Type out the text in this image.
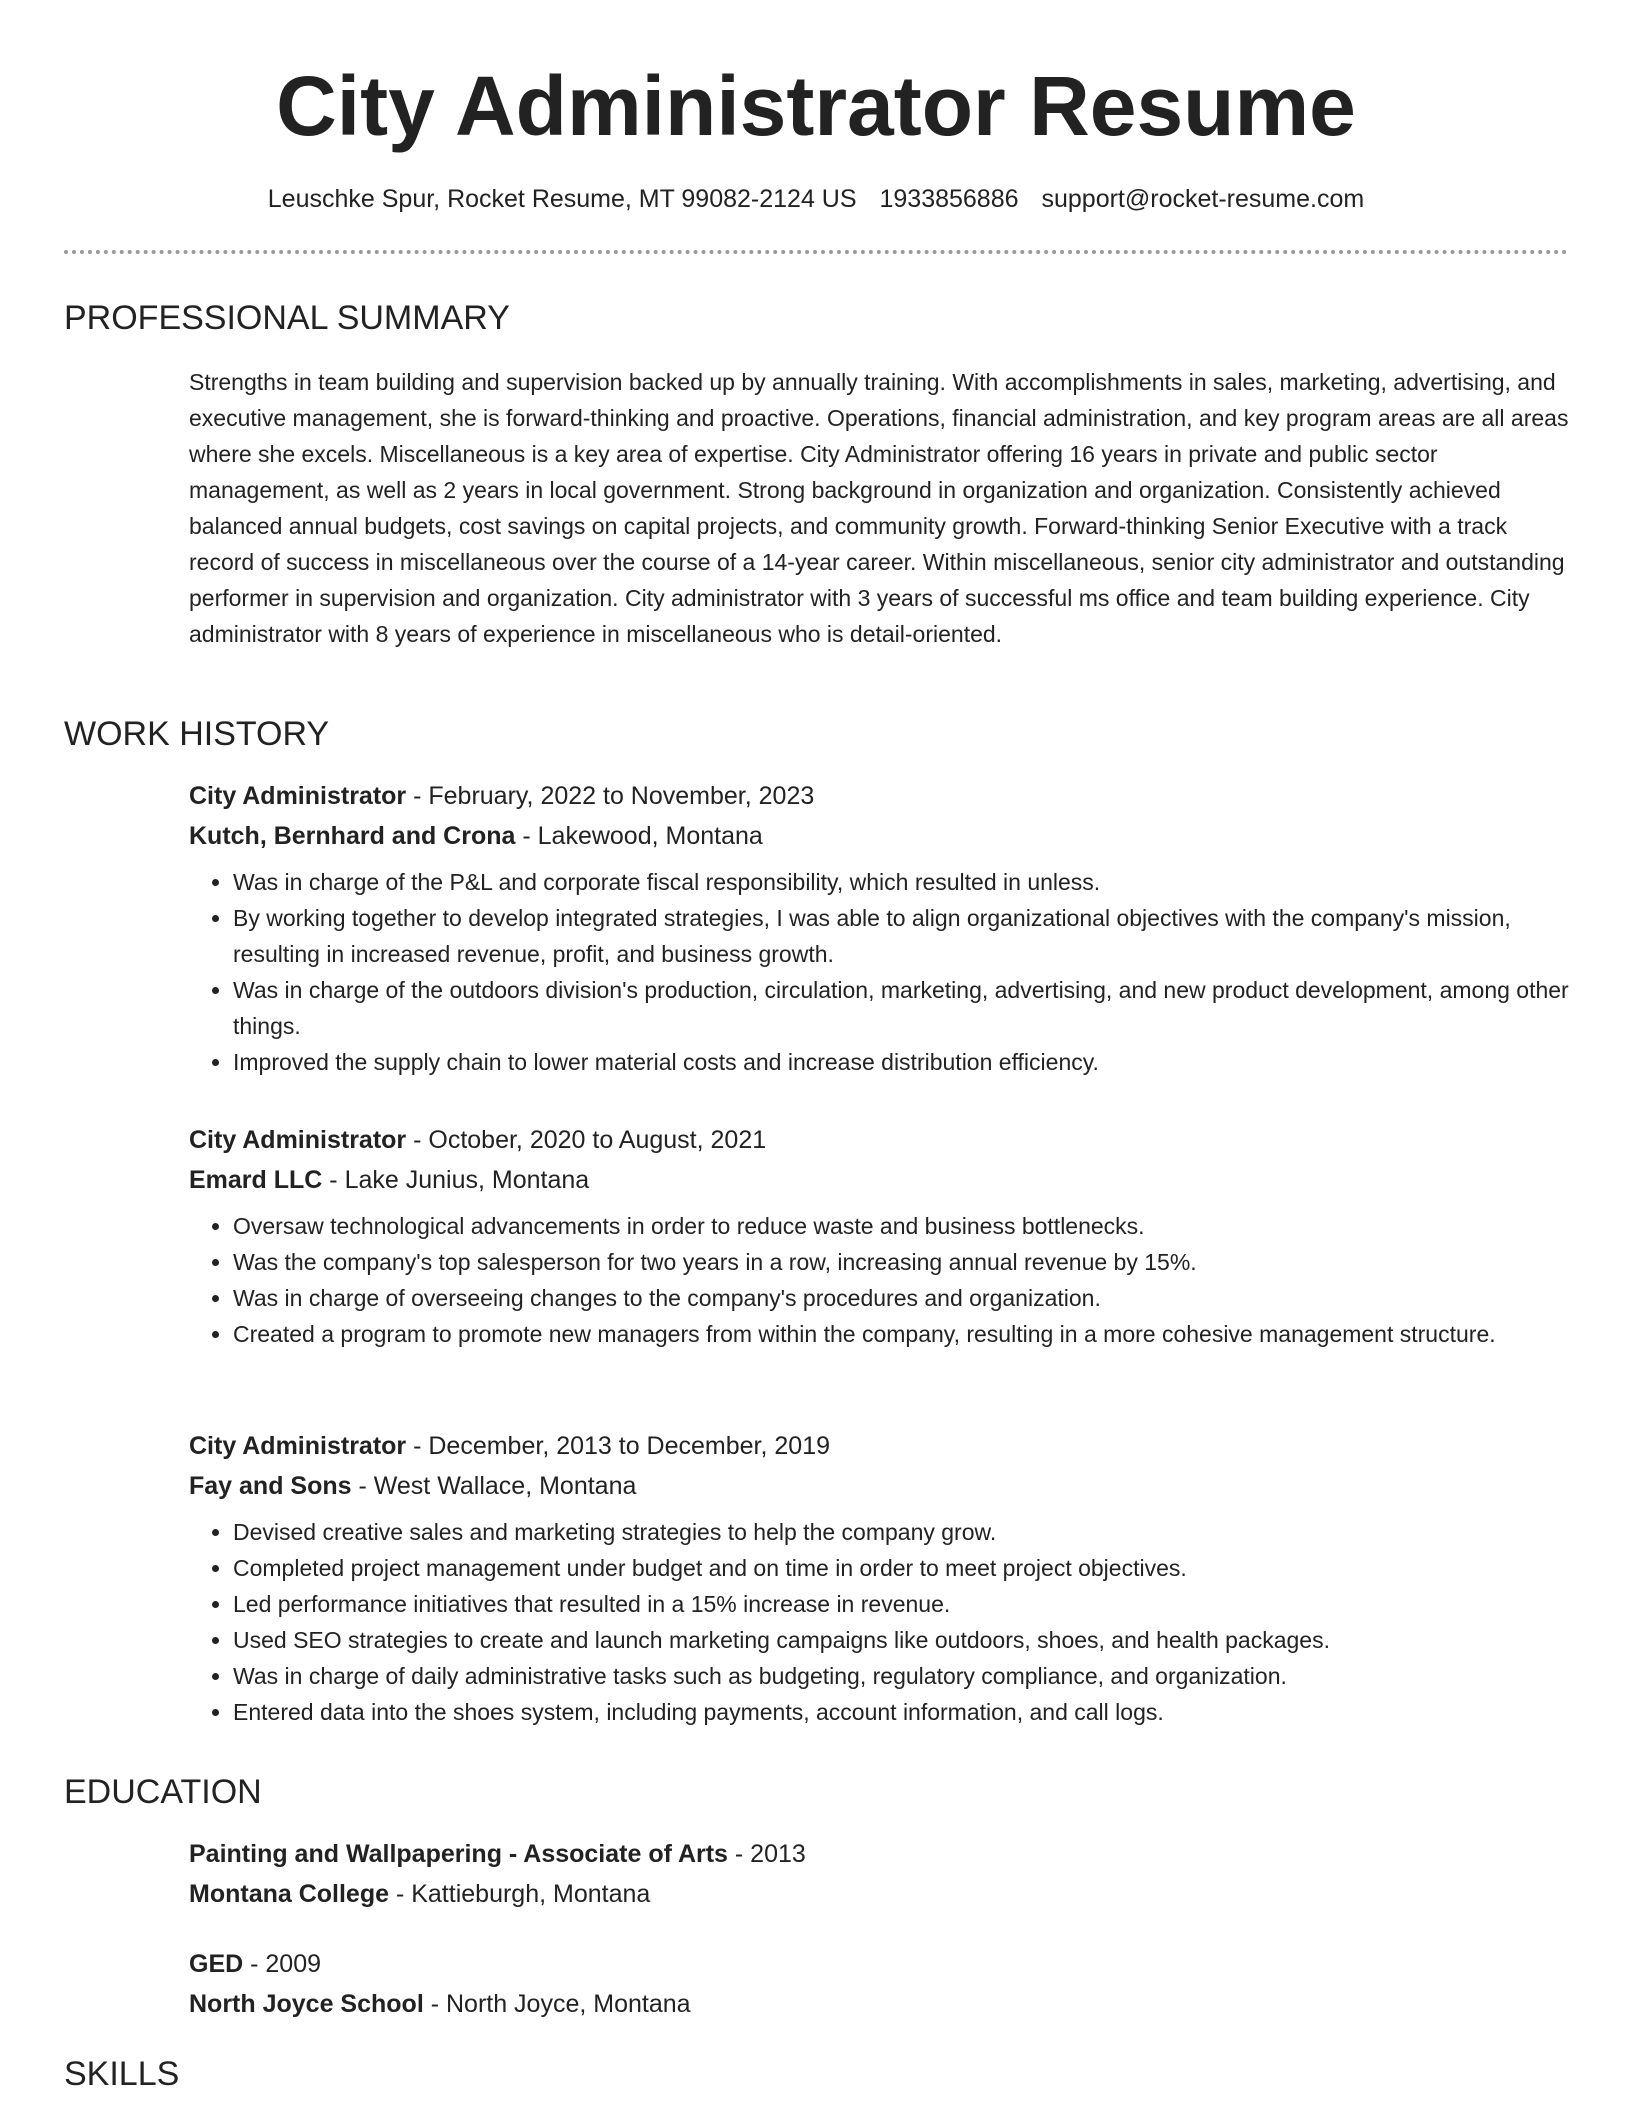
City Administrator Resume
Leuschke Spur, Rocket Resume, MT 99082-2124 US 1933856886 support@rocket-resume.com
PROFESSIONAL SUMMARY

Strengths in team building and supervision backed up by annually training. With accomplishments in sales, marketing, advertising, and executive management, she is forward-thinking and proactive. Operations, financial administration, and key program areas are all areas where she excels. Miscellaneous is a key area of expertise. City Administrator offering 16 years in private and public sector management, as well as 2 years in local government. Strong background in organization and organization. Consistently achieved balanced annual budgets, cost savings on capital projects, and community growth. Forward-thinking Senior Executive with a track record of success in miscellaneous over the course of a 14-year career. Within miscellaneous, senior city administrator and outstanding performer in supervision and organization. City administrator with 3 years of successful ms office and team building experience. City administrator with 8 years of experience in miscellaneous who is detail-oriented.

WORK HISTORY

City Administrator - February, 2022 to November, 2023

Kutch, Bernhard and Crona - Lakewood, Montana

• Was in charge of the P&L and corporate fiscal responsibility, which resulted in unless.
• By working together to develop integrated strategies, I was able to align organizational objectives with the company's mission, resulting in increased revenue, profit, and business growth.
• Was in charge of the outdoors division's production, circulation, marketing, advertising, and new product development, among other things.
• Improved the supply chain to lower material costs and increase distribution efficiency.

City Administrator - October, 2020 to August, 2021

Emard LLC - Lake Junius, Montana

• Oversaw technological advancements in order to reduce waste and business bottlenecks.
• Was the company's top salesperson for two years in a row, increasing annual revenue by 15%.
• Was in charge of overseeing changes to the company's procedures and organization.
• Created a program to promote new managers from within the company, resulting in a more cohesive management structure.

City Administrator - December, 2013 to December, 2019

Fay and Sons - West Wallace, Montana

• Devised creative sales and marketing strategies to help the company grow.
• Completed project management under budget and on time in order to meet project objectives.
• Led performance initiatives that resulted in a 15% increase in revenue.
• Used SEO strategies to create and launch marketing campaigns like outdoors, shoes, and health packages.
• Was in charge of daily administrative tasks such as budgeting, regulatory compliance, and organization.
• Entered data into the shoes system, including payments, account information, and call logs.
EDUCATION

Painting and Wallpapering - Associate of Arts - 2013

Montana College - Kattieburgh, Montana

GED - 2009

North Joyce School - North Joyce, Montana

SKILLS
